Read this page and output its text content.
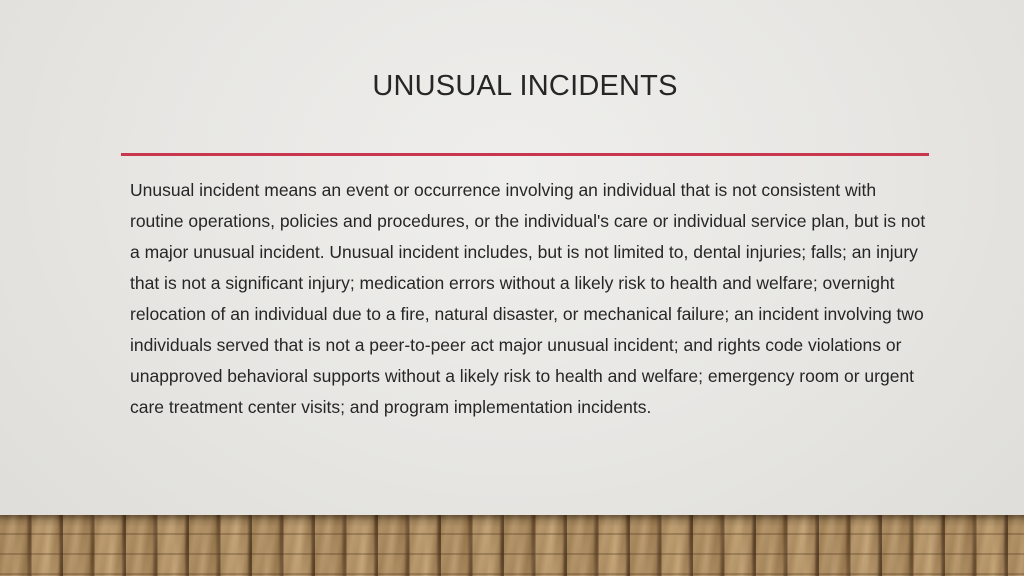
UNUSUAL INCIDENTS

Unusual incident means an event or occurrence involving an individual that is not consistent with routine operations, policies and procedures, or the individual's care or individual service plan, but is not a major unusual incident. Unusual incident includes, but is not limited to, dental injuries; falls; an injury that is not a significant injury; medication errors without a likely risk to health and welfare; overnight relocation of an individual due to a fire, natural disaster, or mechanical failure; an incident involving two individuals served that is not a peer-to-peer act major unusual incident; and rights code violations or unapproved behavioral supports without a likely risk to health and welfare; emergency room or urgent care treatment center visits; and program implementation incidents.
